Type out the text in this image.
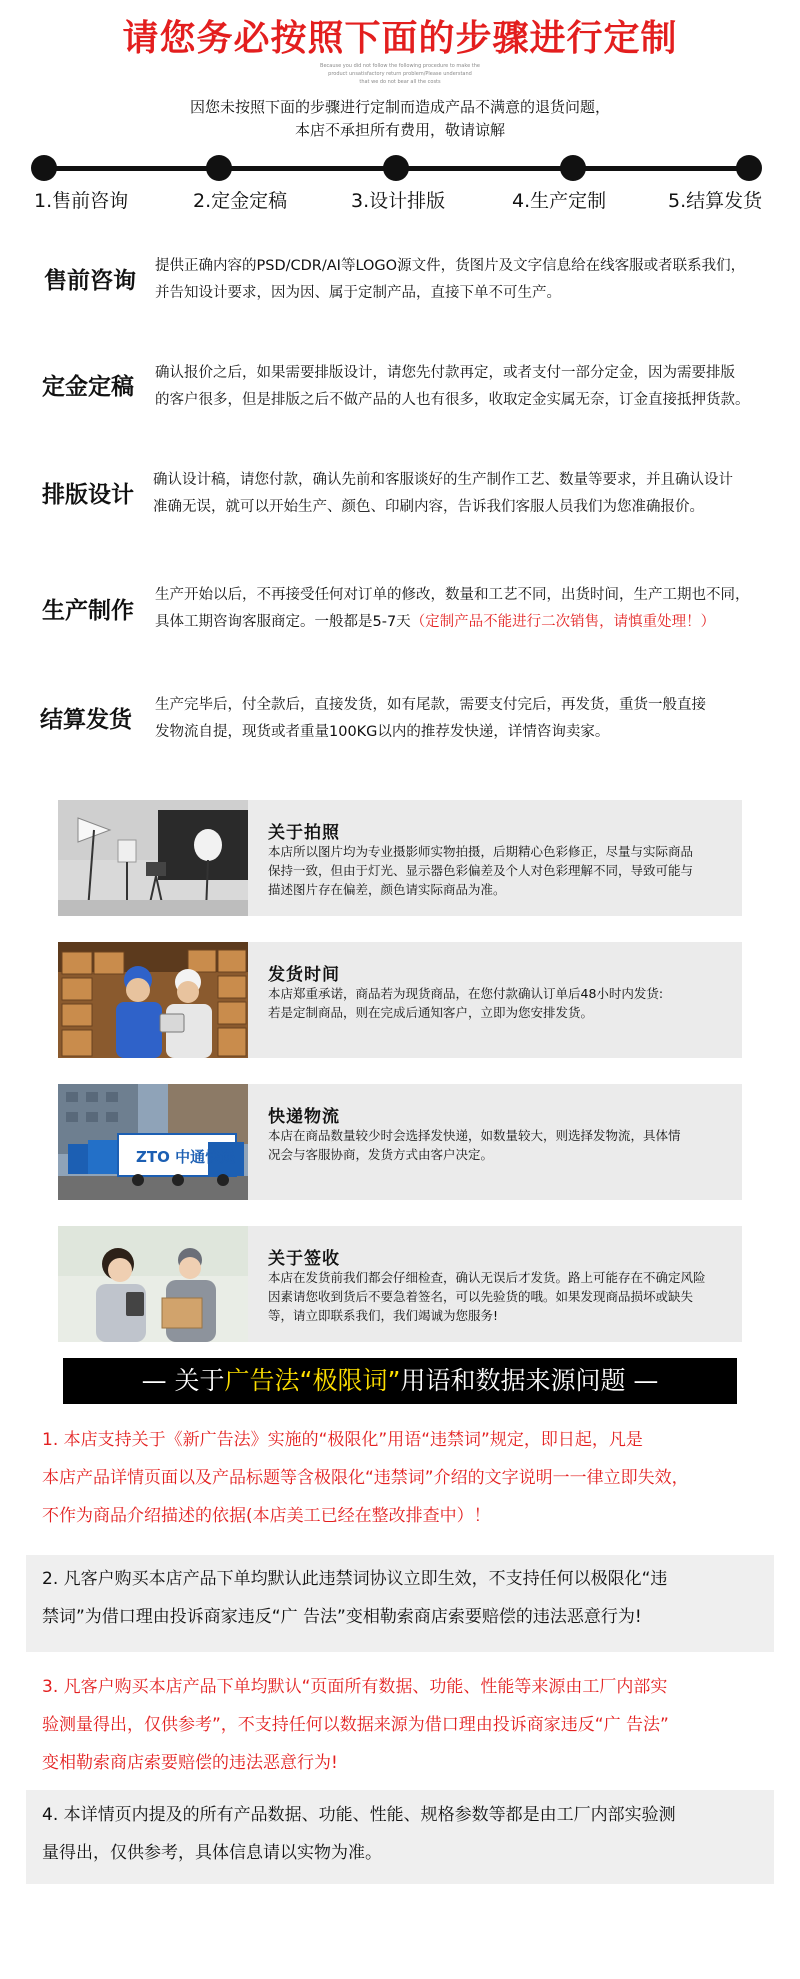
请您务必按照下面的步骤进行定制
Because you did not follow the following procedure to make the
product unsatisfactory return problem/Please understand
that we do not bear all the costs
因您未按照下面的步骤进行定制而造成产品不满意的退货问题，
本店不承担所有费用，敬请谅解
1.售前咨询	2.定金定稿	3.设计排版	4.生产定制	5.结算发货
售前咨询
提供正确内容的PSD/CDR/AI等LOGO源文件，货图片及文字信息给在线客服或者联系我们，
并告知设计要求，因为因、属于定制产品，直接下单不可生产。
定金定稿
确认报价之后，如果需要排版设计，请您先付款再定，或者支付一部分定金，因为需要排版
的客户很多，但是排版之后不做产品的人也有很多，收取定金实属无奈，订金直接抵押货款。
排版设计
确认设计稿，请您付款，确认先前和客服谈好的生产制作工艺、数量等要求，并且确认设计
准确无误，就可以开始生产、颜色、印刷内容，告诉我们客服人员我们为您准确报价。
生产制作
生产开始以后，不再接受任何对订单的修改，数量和工艺不同，出货时间，生产工期也不同，
具体工期咨询客服商定。一般都是5-7天（定制产品不能进行二次销售，请慎重处理！）
结算发货
生产完毕后，付全款后，直接发货，如有尾款，需要支付完后，再发货，重货一般直接
发物流自提，现货或者重量100KG以内的推荐发快递，详情咨询卖家。
关于拍照
本店所以图片均为专业摄影师实物拍摄，后期精心色彩修正，尽量与实际商品
保持一致，但由于灯光、显示器色彩偏差及个人对色彩理解不同，导致可能与
描述图片存在偏差，颜色请实际商品为准。
发货时间
本店郑重承诺，商品若为现货商品，在您付款确认订单后48小时内发货:
若是定制商品，则在完成后通知客户，立即为您安排发货。
ZTO 中通快递
快递物流
本店在商品数量较少时会选择发快递，如数量较大，则选择发物流，具体情
况会与客服协商，发货方式由客户决定。
关于签收
本店在发货前我们都会仔细检查，确认无误后才发货。路上可能存在不确定风险
因素请您收到货后不要急着签名，可以先验货的哦。如果发现商品损坏或缺失
等，请立即联系我们，我们竭诚为您服务!
— 关于广告法“极限词”用语和数据来源问题 —

1. 本店支持关于《新广告法》实施的“极限化”用语“违禁词”规定，即日起，凡是

本店产品详情页面以及产品标题等含极限化“违禁词”介绍的文字说明一一律立即失效，

不作为商品介绍描述的依据(本店美工已经在整改排查中）！

2. 凡客户购买本店产品下单均默认此违禁词协议立即生效，不支持任何以极限化“违

禁词”为借口理由投诉商家违反“广 告法”变相勒索商店索要赔偿的违法恶意行为!

3. 凡客户购买本店产品下单均默认“页面所有数据、功能、性能等来源由工厂内部实

验测量得出，仅供参考”，不支持任何以数据来源为借口理由投诉商家违反“广 告法”

变相勒索商店索要赔偿的违法恶意行为!

4. 本详情页内提及的所有产品数据、功能、性能、规格参数等都是由工厂内部实验测

量得出，仅供参考，具体信息请以实物为准。
